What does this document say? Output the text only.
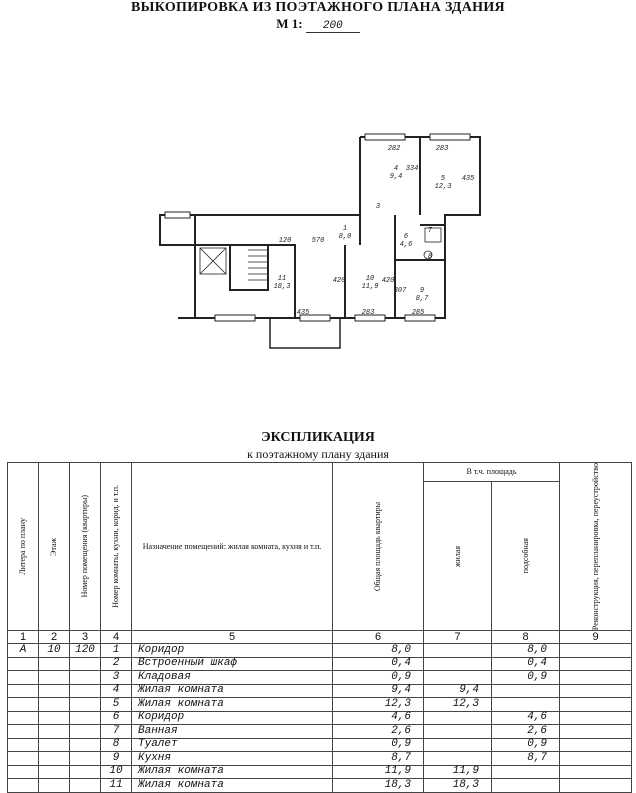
ВЫКОПИРОВКА ИЗ ПОЭТАЖНОГО ПЛАНА ЗДАНИЯ
М 1: 200
1
8,0
4
9,4	5
12,3
3
6
4,6
7
8
9
8,7
10
11,9
11
18,3
282	283
334
435
120	570
420	420
307
435	283	285
ЭКСПЛИКАЦИЯ
к поэтажному плану здания
Литера по плану	Этаж	Номер помещения (квартиры)	Номер комнаты, кухни, корид. и т.п.	Назначение помещений: жилая комната, кухня и т.п.	Общая площадь квартиры	В т.ч. площадь		Реконструкция, перепланировка, переустройство

						жилая	подсобная	

1	2	3	4	5	6	7	8	9
А	10	120	1	Коридор	8,0		8,0	
			2	Встроенный шкаф	0,4		0,4	
			3	Кладовая	0,9		0,9	
			4	Жилая комната	9,4	9,4		
			5	Жилая комната	12,3	12,3		
			6	Коридор	4,6		4,6	
			7	Ванная	2,6		2,6	
			8	Туалет	0,9		0,9	
			9	Кухня	8,7		8,7	
			10	Жилая комната	11,9	11,9		
			11	Жилая комната	18,3	18,3		
